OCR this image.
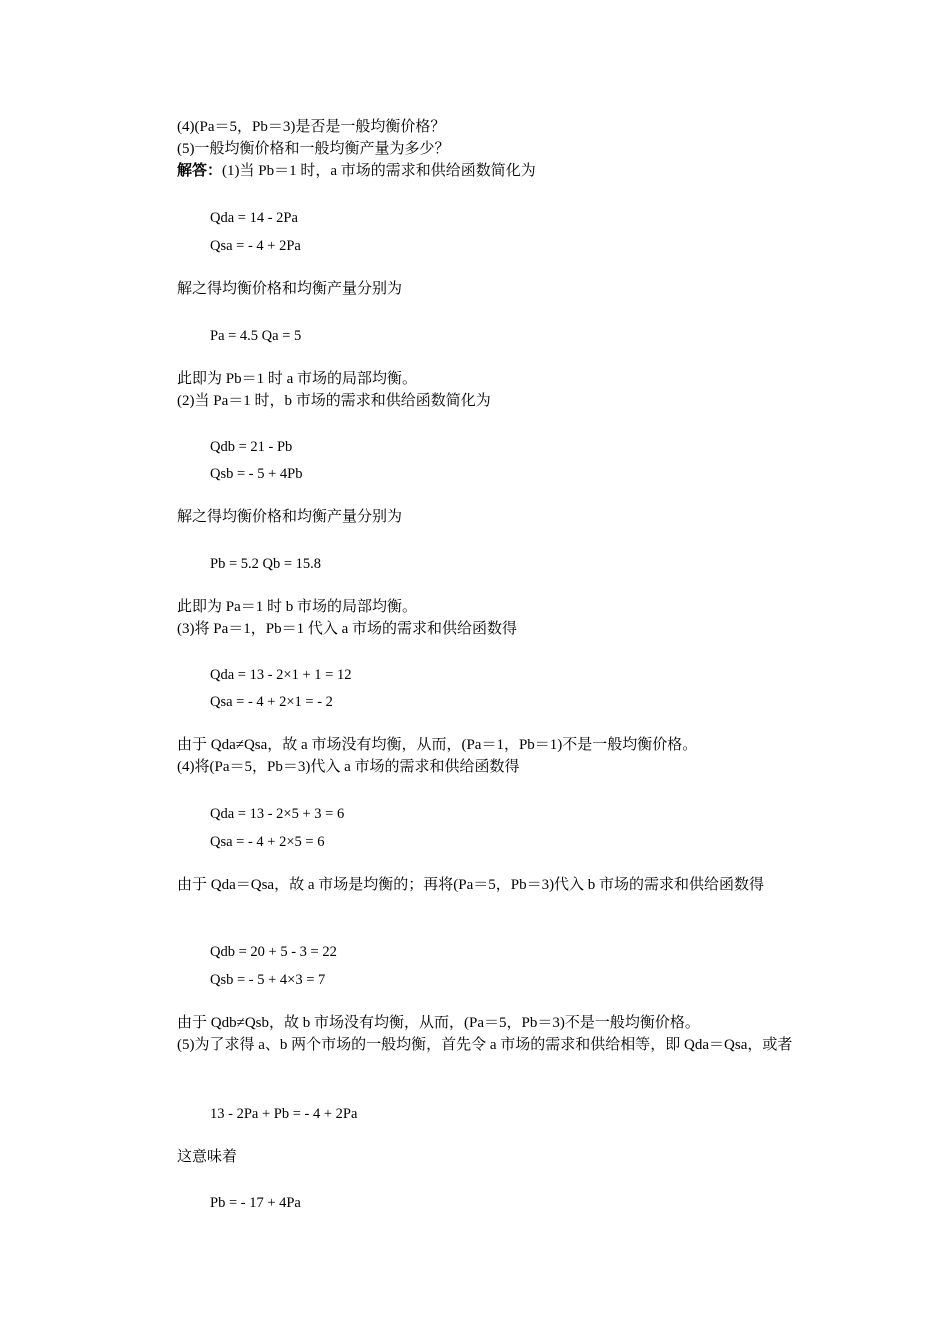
(4)(Pa＝5，Pb＝3)是否是一般均衡价格？
(5)一般均衡价格和一般均衡产量为多少？
解答：(1)当 Pb＝1 时，a 市场的需求和供给函数简化为
Qda = 14 - 2Pa
Qsa = - 4 + 2Pa
解之得均衡价格和均衡产量分别为
Pa = 4.5 Qa = 5
此即为 Pb＝1 时 a 市场的局部均衡。
(2)当 Pa＝1 时，b 市场的需求和供给函数简化为
Qdb = 21 - Pb
Qsb = - 5 + 4Pb
解之得均衡价格和均衡产量分别为
Pb = 5.2 Qb = 15.8
此即为 Pa＝1 时 b 市场的局部均衡。
(3)将 Pa＝1，Pb＝1 代入 a 市场的需求和供给函数得
Qda = 13 - 2×1 + 1 = 12
Qsa = - 4 + 2×1 = - 2
由于 Qda≠Qsa，故 a 市场没有均衡，从而，(Pa＝1，Pb＝1)不是一般均衡价格。
(4)将(Pa＝5，Pb＝3)代入 a 市场的需求和供给函数得
Qda = 13 - 2×5 + 3 = 6
Qsa = - 4 + 2×5 = 6

由于 Qda＝Qsa，故 a 市场是均衡的；再将(Pa＝5，Pb＝3)代入 b 市场的需求和供给函数得

Qdb = 20 + 5 - 3 = 22
Qsb = - 5 + 4×3 = 7
由于 Qdb≠Qsb，故 b 市场没有均衡，从而，(Pa＝5，Pb＝3)不是一般均衡价格。

(5)为了求得 a、b 两个市场的一般均衡，首先令 a 市场的需求和供给相等，即 Qda＝Qsa，或者

13 - 2Pa + Pb = - 4 + 2Pa
这意味着
Pb = - 17 + 4Pa
